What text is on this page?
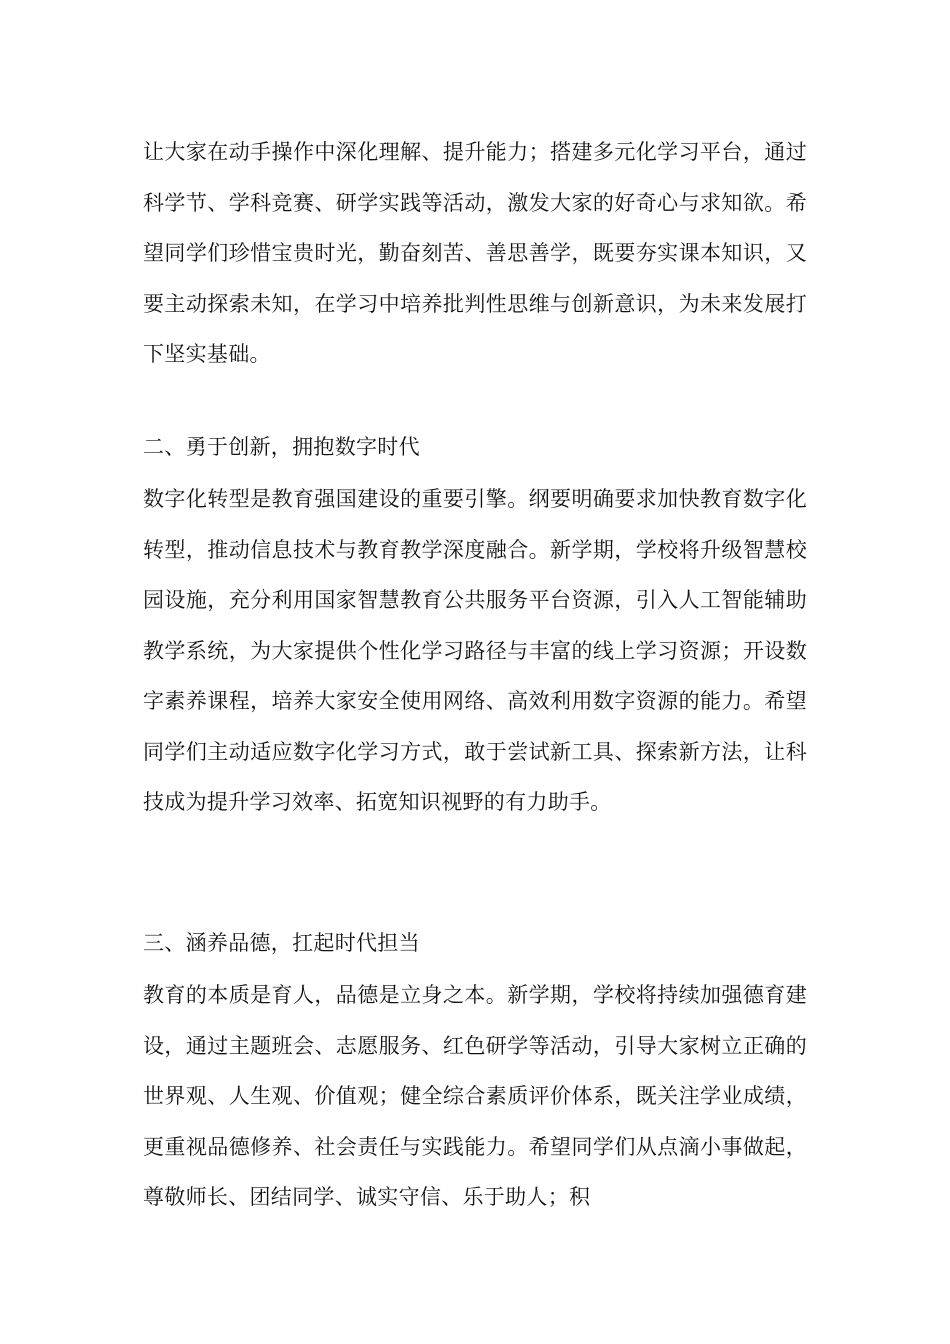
让大家在动手操作中深化理解、提升能力；搭建多元化学习平台，通过科学节、学科竞赛、研学实践等活动，激发大家的好奇心与求知欲。希望同学们珍惜宝贵时光，勤奋刻苦、善思善学，既要夯实课本知识，又要主动探索未知，在学习中培养批判性思维与创新意识，为未来发展打下坚实基础。

二、勇于创新，拥抱数字时代

数字化转型是教育强国建设的重要引擎。纲要明确要求加快教育数字化转型，推动信息技术与教育教学深度融合。新学期，学校将升级智慧校园设施，充分利用国家智慧教育公共服务平台资源，引入人工智能辅助教学系统，为大家提供个性化学习路径与丰富的线上学习资源；开设数字素养课程，培养大家安全使用网络、高效利用数字资源的能力。希望同学们主动适应数字化学习方式，敢于尝试新工具、探索新方法，让科技成为提升学习效率、拓宽知识视野的有力助手。

三、涵养品德，扛起时代担当

教育的本质是育人，品德是立身之本。新学期，学校将持续加强德育建设，通过主题班会、志愿服务、红色研学等活动，引导大家树立正确的世界观、人生观、价值观；健全综合素质评价体系，既关注学业成绩，更重视品德修养、社会责任与实践能力。希望同学们从点滴小事做起，尊敬师长、团结同学、诚实守信、乐于助人；积
